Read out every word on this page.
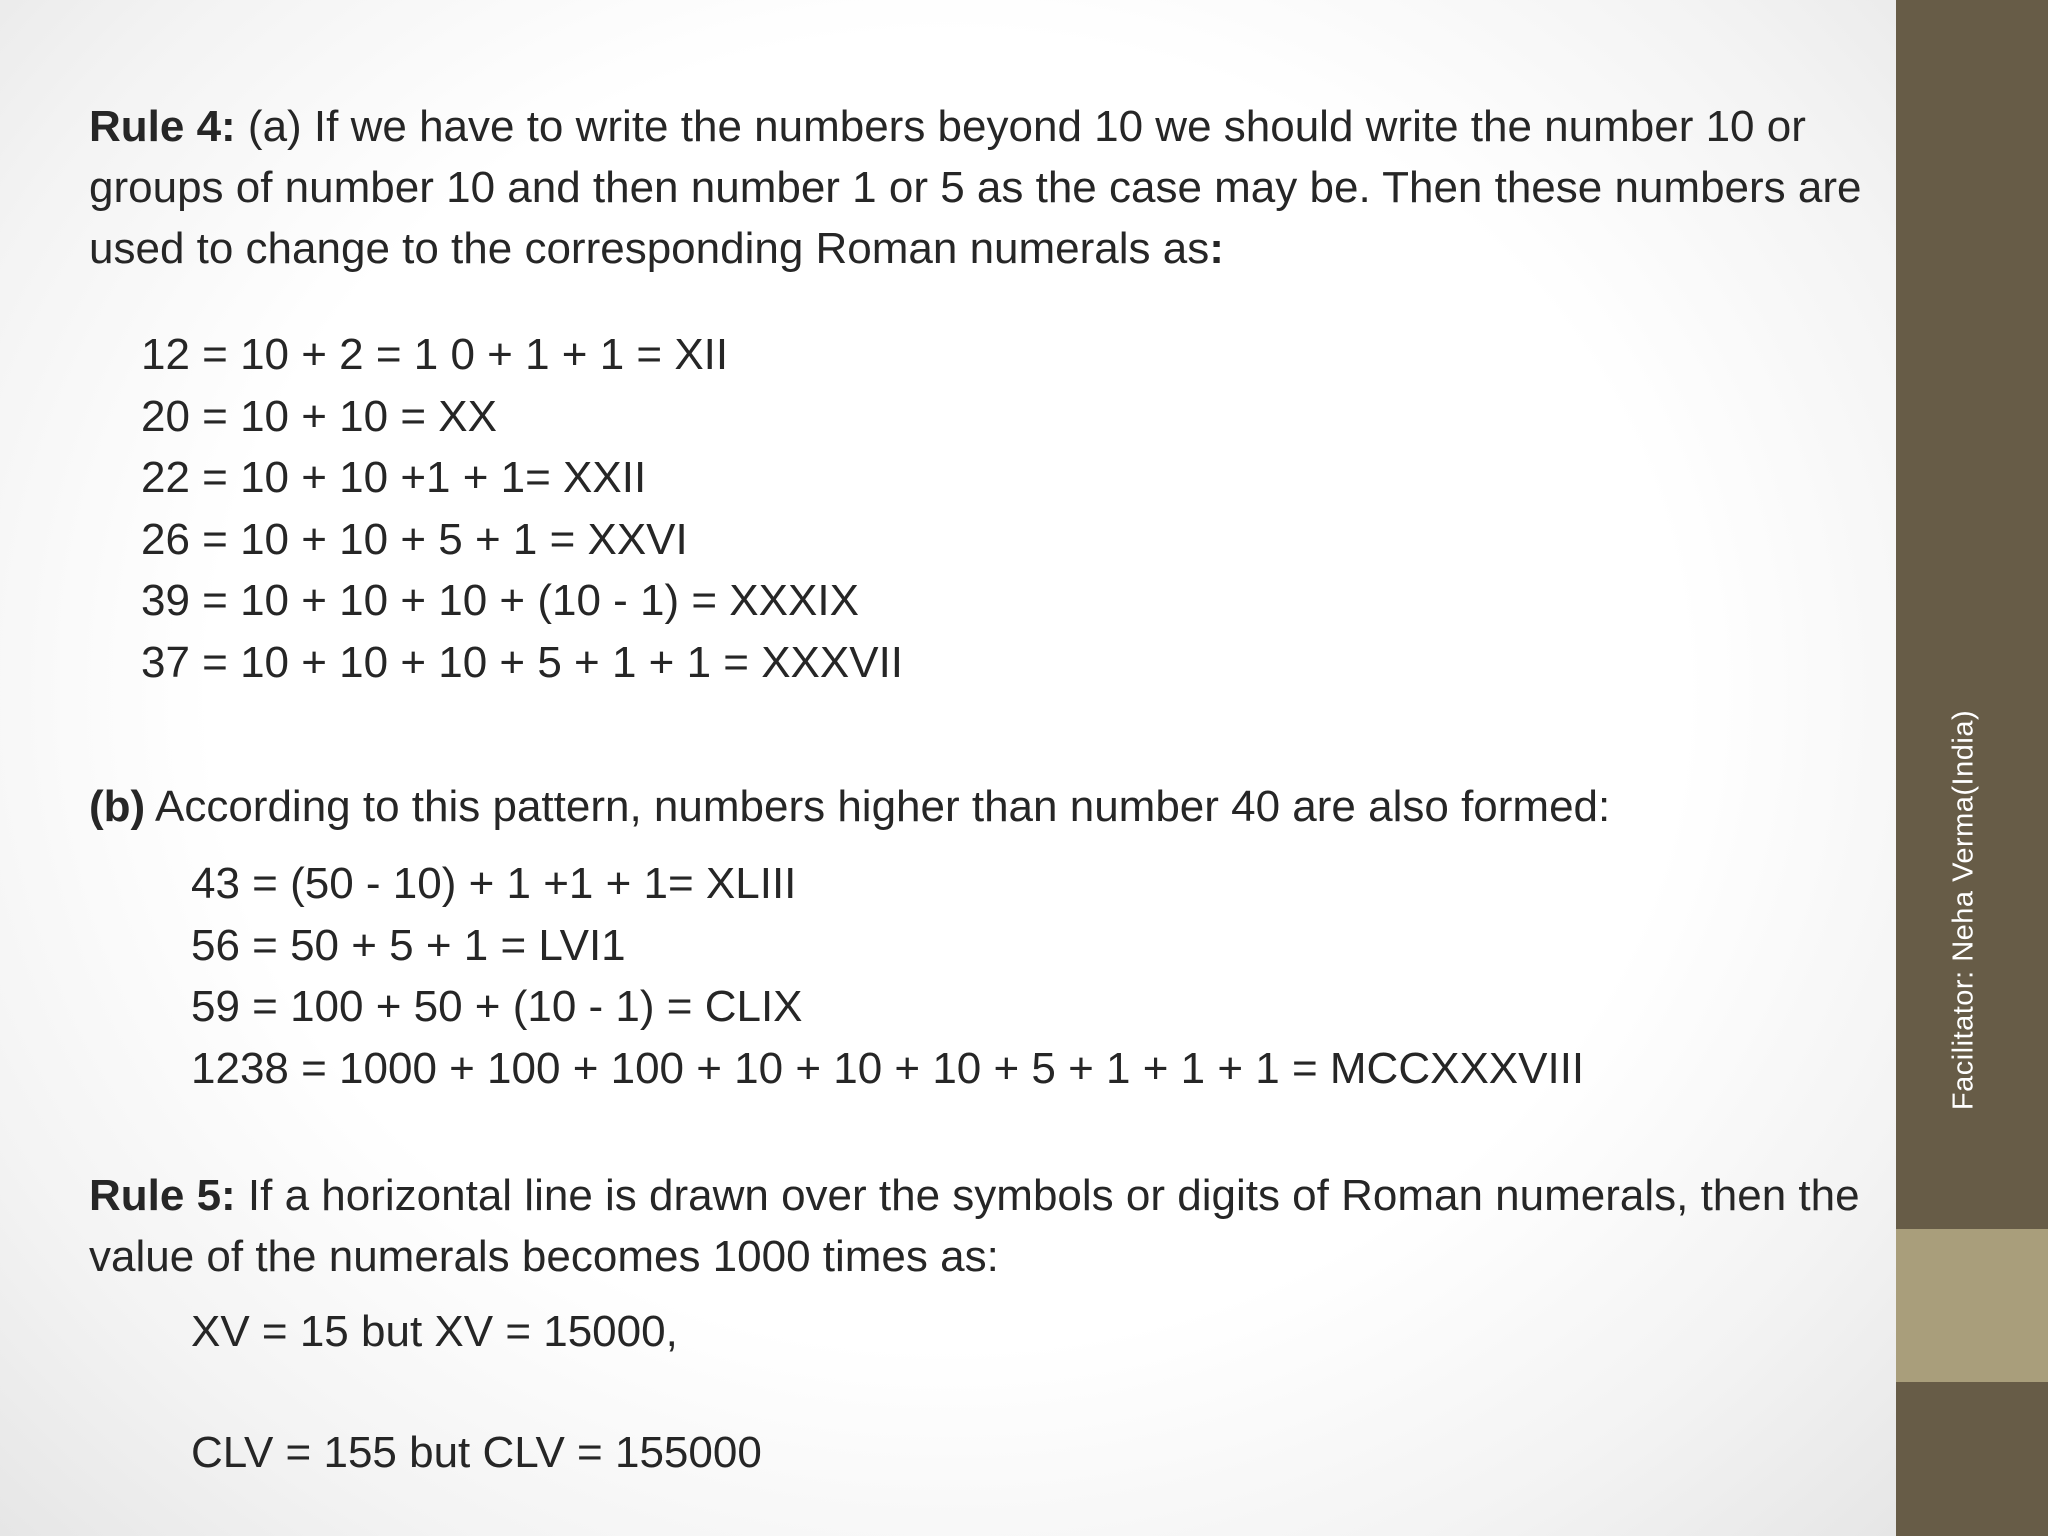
Facilitator: Neha Verma(India)

Rule 4: (a) If we have to write the numbers beyond 10 we should write the number 10 or groups of number 10 and then number 1 or 5 as the case may be. Then these numbers are used to change to the corresponding Roman numerals as:

12 = 10 + 2 = 1 0 + 1 + 1 = XII
20 = 10 + 10 = XX
22 = 10 + 10 +1 + 1= XXII
26 = 10 + 10 + 5 + 1 = XXVI
39 = 10 + 10 + 10 + (10 - 1) = XXXIX
37 = 10 + 10 + 10 + 5 + 1 + 1 = XXXVII

(b) According to this pattern, numbers higher than number 40 are also formed:

43 = (50 - 10) + 1 +1 + 1= XLIII
56 = 50 + 5 + 1 = LVI1
59 = 100 + 50 + (10 - 1) = CLIX
1238 = 1000 + 100 + 100 + 10 + 10 + 10 + 5 + 1 + 1 + 1 = MCCXXXVIII

Rule 5: If a horizontal line is drawn over the symbols or digits of Roman numerals, then the value of the numerals becomes 1000 times as:

XV = 15 but XV = 15000,
CLV = 155 but CLV = 155000
